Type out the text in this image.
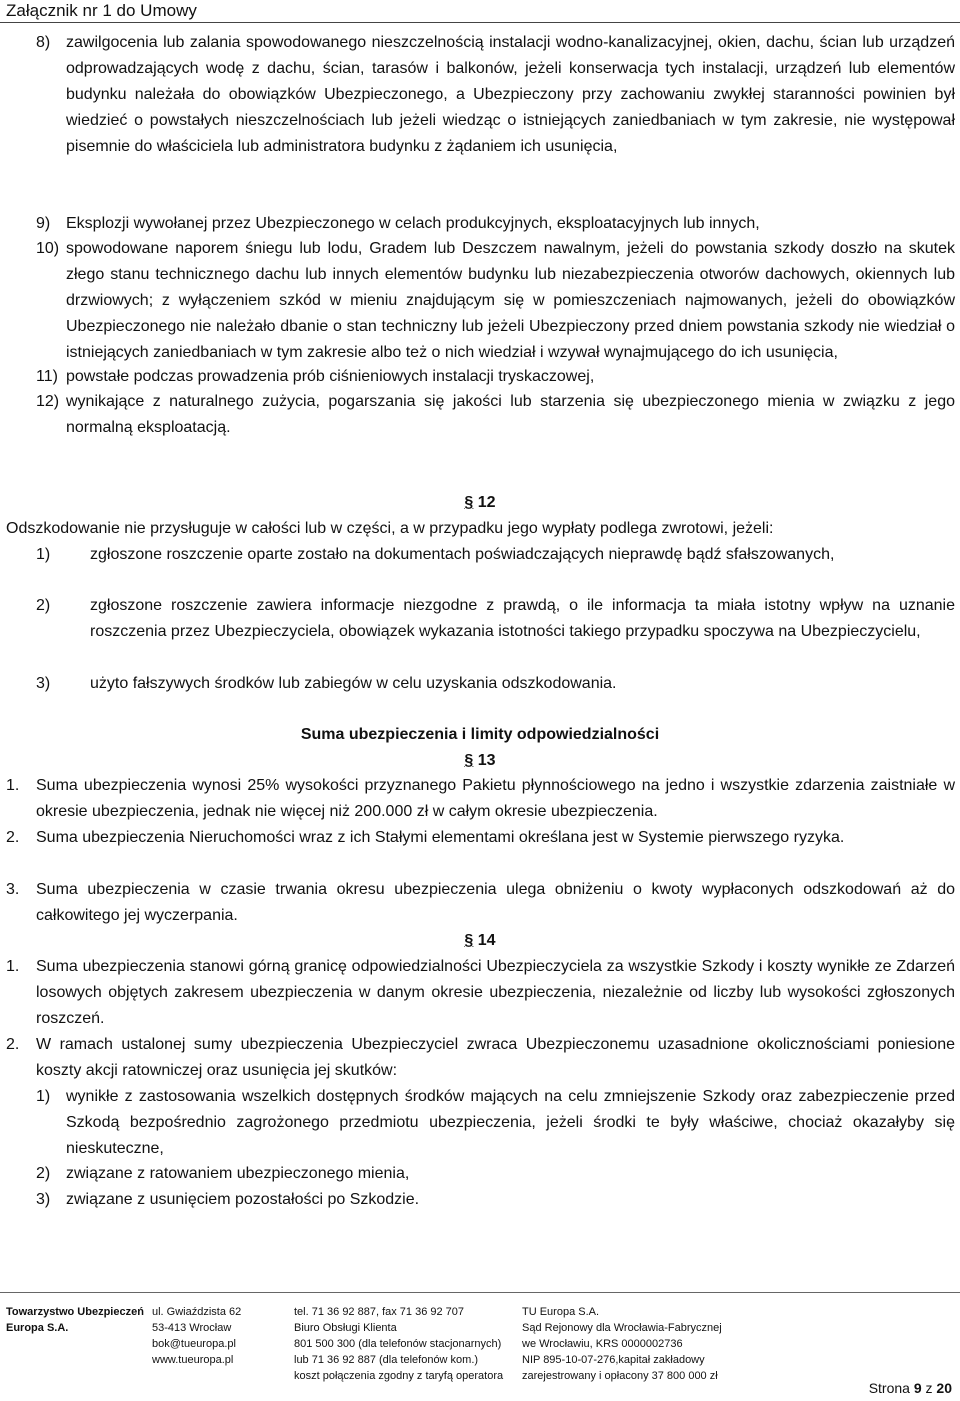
Załącznik nr 1 do Umowy
8) zawilgocenia lub zalania spowodowanego nieszczelnością instalacji wodno-kanalizacyjnej, okien, dachu, ścian lub urządzeń odprowadzających wodę z dachu, ścian, tarasów i balkonów, jeżeli konserwacja tych instalacji, urządzeń lub elementów budynku należała do obowiązków Ubezpieczonego, a Ubezpieczony przy zachowaniu zwykłej staranności powinien był wiedzieć o powstałych nieszczelnościach lub jeżeli wiedząc o istniejących zaniedbaniach w tym zakresie, nie występował pisemnie do właściciela lub administratora budynku z żądaniem ich usunięcia,
9) Eksplozji wywołanej przez Ubezpieczonego w celach produkcyjnych, eksploatacyjnych lub innych,
10) spowodowane naporem śniegu lub lodu, Gradem lub Deszczem nawalnym, jeżeli do powstania szkody doszło na skutek złego stanu technicznego dachu lub innych elementów budynku lub niezabezpieczenia otworów dachowych, okiennych lub drzwiowych; z wyłączeniem szkód w mieniu znajdującym się w pomieszczeniach najmowanych, jeżeli do obowiązków Ubezpieczonego nie należało dbanie o stan techniczny lub jeżeli Ubezpieczony przed dniem powstania szkody nie wiedział o istniejących zaniedbaniach w tym zakresie albo też o nich wiedział i wzywał wynajmującego do ich usunięcia,
11) powstałe podczas prowadzenia prób ciśnieniowych instalacji tryskaczowej,
12) wynikające z naturalnego zużycia, pogarszania się jakości lub starzenia się ubezpieczonego mienia w związku z jego normalną eksploatacją.
§ 12
Odszkodowanie nie przysługuje w całości lub w części, a w przypadku jego wypłaty podlega zwrotowi, jeżeli:
1) zgłoszone roszczenie oparte zostało na dokumentach poświadczających nieprawdę bądź sfałszowanych,
2) zgłoszone roszczenie zawiera informacje niezgodne z prawdą, o ile informacja ta miała istotny wpływ na uznanie roszczenia przez Ubezpieczyciela, obowiązek wykazania istotności takiego przypadku spoczywa na Ubezpieczycielu,
3) użyto fałszywych środków lub zabiegów w celu uzyskania odszkodowania.
Suma ubezpieczenia i limity odpowiedzialności
§ 13
1. Suma ubezpieczenia wynosi 25% wysokości przyznanego Pakietu płynnościowego na jedno i wszystkie zdarzenia zaistniałe w okresie ubezpieczenia, jednak nie więcej niż 200.000 zł w całym okresie ubezpieczenia.
2. Suma ubezpieczenia Nieruchomości wraz z ich Stałymi elementami określana jest w Systemie pierwszego ryzyka.
3. Suma ubezpieczenia w czasie trwania okresu ubezpieczenia ulega obniżeniu o kwoty wypłaconych odszkodowań aż do całkowitego jej wyczerpania.
§ 14
1. Suma ubezpieczenia stanowi górną granicę odpowiedzialności Ubezpieczyciela za wszystkie Szkody i koszty wynikłe ze Zdarzeń losowych objętych zakresem ubezpieczenia w danym okresie ubezpieczenia, niezależnie od liczby lub wysokości zgłoszonych roszczeń.
2. W ramach ustalonej sumy ubezpieczenia Ubezpieczyciel zwraca Ubezpieczonemu uzasadnione okolicznościami poniesione koszty akcji ratowniczej oraz usunięcia jej skutków:
1) wynikłe z zastosowania wszelkich dostępnych środków mających na celu zmniejszenie Szkody oraz zabezpieczenie przed Szkodą bezpośrednio zagrożonego przedmiotu ubezpieczenia, jeżeli środki te były właściwe, chociaż okazałyby się nieskuteczne,
2) związane z ratowaniem ubezpieczonego mienia,
3) związane z usunięciem pozostałości po Szkodzie.
Towarzystwo Ubezpieczeń
Europa S.A.
ul. Gwiaździsta 62
53-413 Wrocław
bok@tueuropa.pl
www.tueuropa.pl
tel. 71 36 92 887, fax 71 36 92 707
Biuro Obsługi Klienta
801 500 300 (dla telefonów stacjonarnych)
lub 71 36 92 887 (dla telefonów kom.)
koszt połączenia zgodny z taryfą operatora
TU Europa S.A.
Sąd Rejonowy dla Wrocławia-Fabrycznej
we Wrocławiu, KRS 0000002736
NIP 895-10-07-276,kapitał zakładowy
zarejestrowany i opłacony 37 800 000 zł
Strona 9 z 20
